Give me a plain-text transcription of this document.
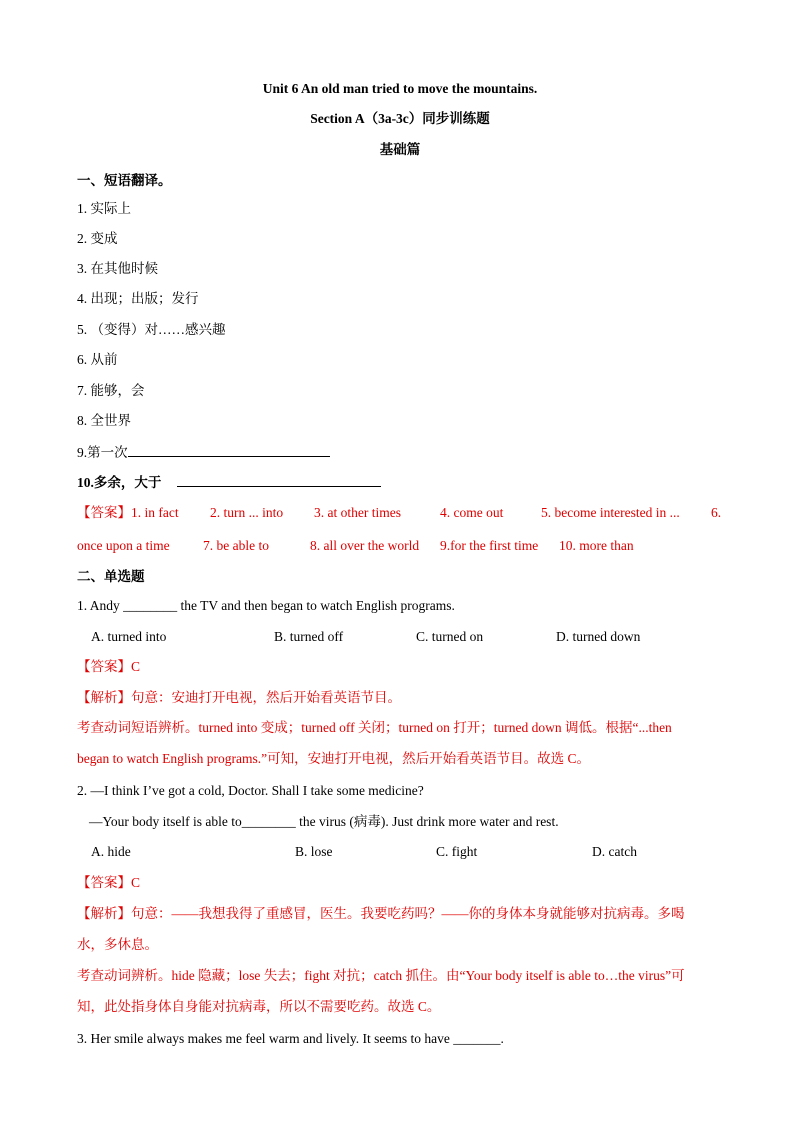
Unit 6 An old man tried to move the mountains.
Section A（3a-3c）同步训练题
基础篇
一、短语翻译。
1. 实际上
2. 变成
3. 在其他时候
4. 出现；出版；发行
5. （变得）对……感兴趣
6. 从前
7. 能够，会
8. 全世界
9.第一次
10.多余，大于
【答案】1. in fact 2. turn ... into 3. at other times	4. come out	5. become interested in ... 6.
once upon a time 7. be able to	8. all over the world 9.for the first time 10. more than
二、单选题
1. Andy ________ the TV and then began to watch English programs.
A. turned into	B. turned off	C. turned on	D. turned down
【答案】C
【解析】句意：安迪打开电视，然后开始看英语节目。
考查动词短语辨析。turned into 变成；turned off 关闭；turned on 打开；turned down 调低。根据“...then
began to watch English programs.”可知，安迪打开电视，然后开始看英语节目。故选 C。
2. —I think I’ve got a cold, Doctor. Shall I take some medicine?
—Your body itself is able to________ the virus (病毒). Just drink more water and rest.
A. hide	B. lose	C. fight	D. catch
【答案】C
【解析】句意：——我想我得了重感冒，医生。我要吃药吗？——你的身体本身就能够对抗病毒。多喝
水，多休息。
考查动词辨析。hide 隐藏；lose 失去；fight 对抗；catch 抓住。由“Your body itself is able to…the virus”可
知，此处指身体自身能对抗病毒，所以不需要吃药。故选 C。
3. Her smile always makes me feel warm and lively. It seems to have _______.
